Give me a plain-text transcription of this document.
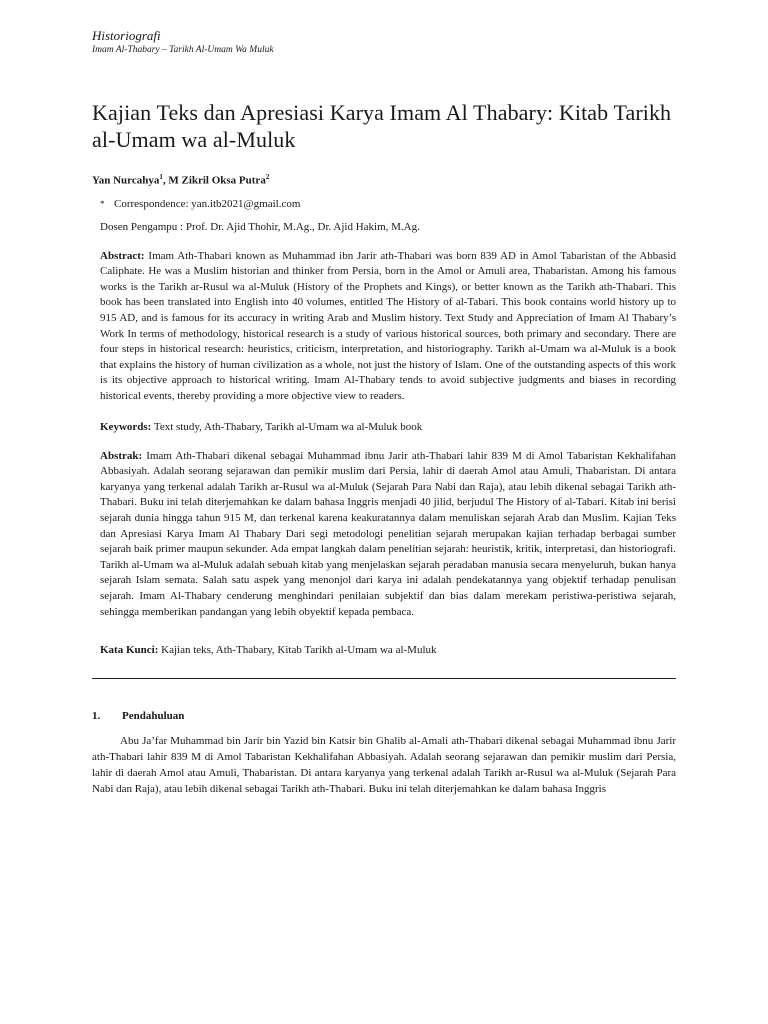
Historiografi
Imam Al-Thabary – Tarikh Al-Umam Wa Muluk
Kajian Teks dan Apresiasi Karya Imam Al Thabary: Kitab Tarikh al-Umam wa al-Muluk
Yan Nurcahya$^1$, M Zikril Oksa Putra$^2$
* Correspondence: yan.itb2021@gmail.com
Dosen Pengampu : Prof. Dr. Ajid Thohir, M.Ag., Dr. Ajid Hakim, M.Ag.
Abstract: Imam Ath-Thabari known as Muhammad ibn Jarir ath-Thabari was born 839 AD in Amol Tabaristan of the Abbasid Caliphate. He was a Muslim historian and thinker from Persia, born in the Amol or Amuli area, Thabaristan. Among his famous works is the Tarikh ar-Rusul wa al-Muluk (History of the Prophets and Kings), or better known as the Tarikh ath-Thabari. This book has been translated into English into 40 volumes, entitled The History of al-Tabari. This book contains world history up to 915 AD, and is famous for its accuracy in writing Arab and Muslim history. Text Study and Appreciation of Imam Al Thabary’s Work In terms of methodology, historical research is a study of various historical sources, both primary and secondary. There are four steps in historical research: heuristics, criticism, interpretation, and historiography. Tarikh al-Umam wa al-Muluk is a book that explains the history of human civilization as a whole, not just the history of Islam. One of the outstanding aspects of this work is its objective approach to historical writing. Imam Al-Thabary tends to avoid subjective judgments and biases in recording historical events, thereby providing a more objective view to readers.
Keywords: Text study, Ath-Thabary, Tarikh al-Umam wa al-Muluk book
Abstrak: Imam Ath-Thabari dikenal sebagai Muhammad ibnu Jarir ath-Thabari lahir 839 M di Amol Tabaristan Kekhalifahan Abbasiyah. Adalah seorang sejarawan dan pemikir muslim dari Persia, lahir di daerah Amol atau Amuli, Thabaristan. Di antara karyanya yang terkenal adalah Tarikh ar-Rusul wa al-Muluk (Sejarah Para Nabi dan Raja), atau lebih dikenal sebagai Tarikh ath-Thabari. Buku ini telah diterjemahkan ke dalam bahasa Inggris menjadi 40 jilid, berjudul The History of al-Tabari. Kitab ini berisi sejarah dunia hingga tahun 915 M, dan terkenal karena keakuratannya dalam menuliskan sejarah Arab dan Muslim. Kajian Teks dan Apresiasi Karya Imam Al Thabary Dari segi metodologi penelitian sejarah merupakan kajian terhadap berbagai sumber sejarah baik primer maupun sekunder. Ada empat langkah dalam penelitian sejarah: heuristik, kritik, interpretasi, dan historiografi. Tarikh al-Umam wa al-Muluk adalah sebuah kitab yang menjelaskan sejarah peradaban manusia secara menyeluruh, bukan hanya sejarah Islam semata. Salah satu aspek yang menonjol dari karya ini adalah pendekatannya yang objektif terhadap penulisan sejarah. Imam Al-Thabary cenderung menghindari penilaian subjektif dan bias dalam merekam peristiwa-peristiwa sejarah, sehingga memberikan pandangan yang lebih obyektif kepada pembaca.
Kata Kunci: Kajian teks, Ath-Thabary, Kitab Tarikh al-Umam wa al-Muluk
1.	Pendahuluan

Abu Ja’far Muhammad bin Jarir bin Yazid bin Katsir bin Ghalib al-Amali ath-Thabari dikenal sebagai Muhammad ibnu Jarir ath-Thabari lahir 839 M di Amol Tabaristan Kekhalifahan Abbasiyah. Adalah seorang sejarawan dan pemikir muslim dari Persia, lahir di daerah Amol atau Amuli, Thabaristan. Di antara karyanya yang terkenal adalah Tarikh ar-Rusul wa al-Muluk (Sejarah Para Nabi dan Raja), atau lebih dikenal sebagai Tarikh ath-Thabari. Buku ini telah diterjemahkan ke dalam bahasa Inggris
